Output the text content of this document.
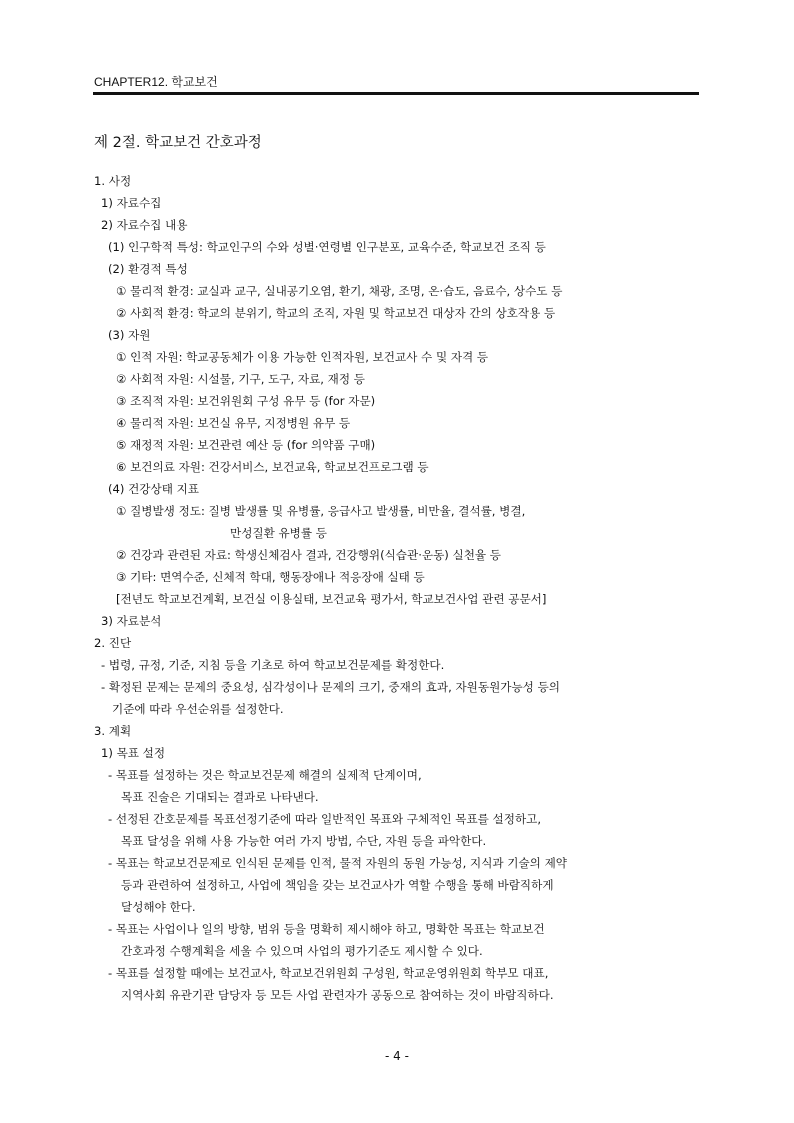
CHAPTER12. 학교보건
제 2절. 학교보건 간호과정
1. 사정
1) 자료수집
2) 자료수집 내용
(1) 인구학적 특성: 학교인구의 수와 성별·연령별 인구분포, 교육수준, 학교보건 조직 등
(2) 환경적 특성
① 물리적 환경: 교실과 교구, 실내공기오염, 환기, 채광, 조명, 온·습도, 음료수, 상수도 등
② 사회적 환경: 학교의 분위기, 학교의 조직, 자원 및 학교보건 대상자 간의 상호작용 등
(3) 자원
① 인적 자원: 학교공동체가 이용 가능한 인적자원, 보건교사 수 및 자격 등
② 사회적 자원: 시설물, 기구, 도구, 자료, 재정 등
③ 조직적 자원: 보건위원회 구성 유무 등 (for 자문)
④ 물리적 자원: 보건실 유무, 지정병원 유무 등
⑤ 재정적 자원: 보건관련 예산 등 (for 의약품 구매)
⑥ 보건의료 자원: 건강서비스, 보건교육, 학교보건프로그램 등
(4) 건강상태 지표
① 질병발생 정도: 질병 발생률 및 유병률, 응급사고 발생률, 비만율, 결석률, 병결,
만성질환 유병률 등
② 건강과 관련된 자료: 학생신체검사 결과, 건강행위(식습관·운동) 실천율 등
③ 기타: 면역수준, 신체적 학대, 행동장애나 적응장애 실태 등
[전년도 학교보건계획, 보건실 이용실태, 보건교육 평가서, 학교보건사업 관련 공문서]
3) 자료분석
2. 진단
- 법령, 규정, 기준, 지침 등을 기초로 하여 학교보건문제를 확정한다.
- 확정된 문제는 문제의 중요성, 심각성이나 문제의 크기, 중재의 효과, 자원동원가능성 등의
기준에 따라 우선순위를 설정한다.
3. 계획
1) 목표 설정
- 목표를 설정하는 것은 학교보건문제 해결의 실제적 단계이며,
목표 진술은 기대되는 결과로 나타낸다.
- 선정된 간호문제를 목표선정기준에 따라 일반적인 목표와 구체적인 목표를 설정하고,
목표 달성을 위해 사용 가능한 여러 가지 방법, 수단, 자원 등을 파악한다.
- 목표는 학교보건문제로 인식된 문제를 인적, 물적 자원의 동원 가능성, 지식과 기술의 제약
등과 관련하여 설정하고, 사업에 책임을 갖는 보건교사가 역할 수행을 통해 바람직하게
달성해야 한다.
- 목표는 사업이나 일의 방향, 범위 등을 명확히 제시해야 하고, 명확한 목표는 학교보건
간호과정 수행계획을 세울 수 있으며 사업의 평가기준도 제시할 수 있다.
- 목표를 설정할 때에는 보건교사, 학교보건위원회 구성원, 학교운영위원회 학부모 대표,
지역사회 유관기관 담당자 등 모든 사업 관련자가 공동으로 참여하는 것이 바람직하다.
- 4 -
